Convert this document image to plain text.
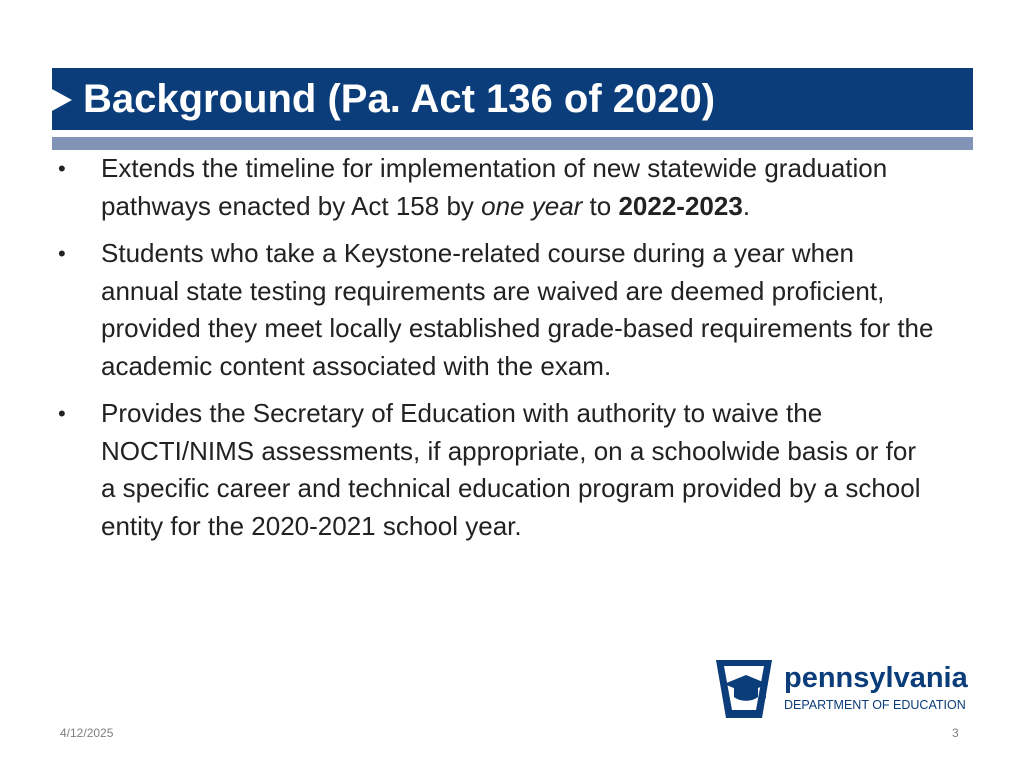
Background (Pa. Act 136 of 2020)
• Extends the timeline for implementation of new statewide graduation pathways enacted by Act 158 by one year to 2022-2023.
• Students who take a Keystone-related course during a year when annual state testing requirements are waived are deemed proficient, provided they meet locally established grade-based requirements for the academic content associated with the exam.
• Provides the Secretary of Education with authority to waive the NOCTI/NIMS assessments, if appropriate, on a schoolwide basis or for a specific career and technical education program provided by a school entity for the 2020-2021 school year.
pennsylvania
DEPARTMENT OF EDUCATION
4/12/2025	3
